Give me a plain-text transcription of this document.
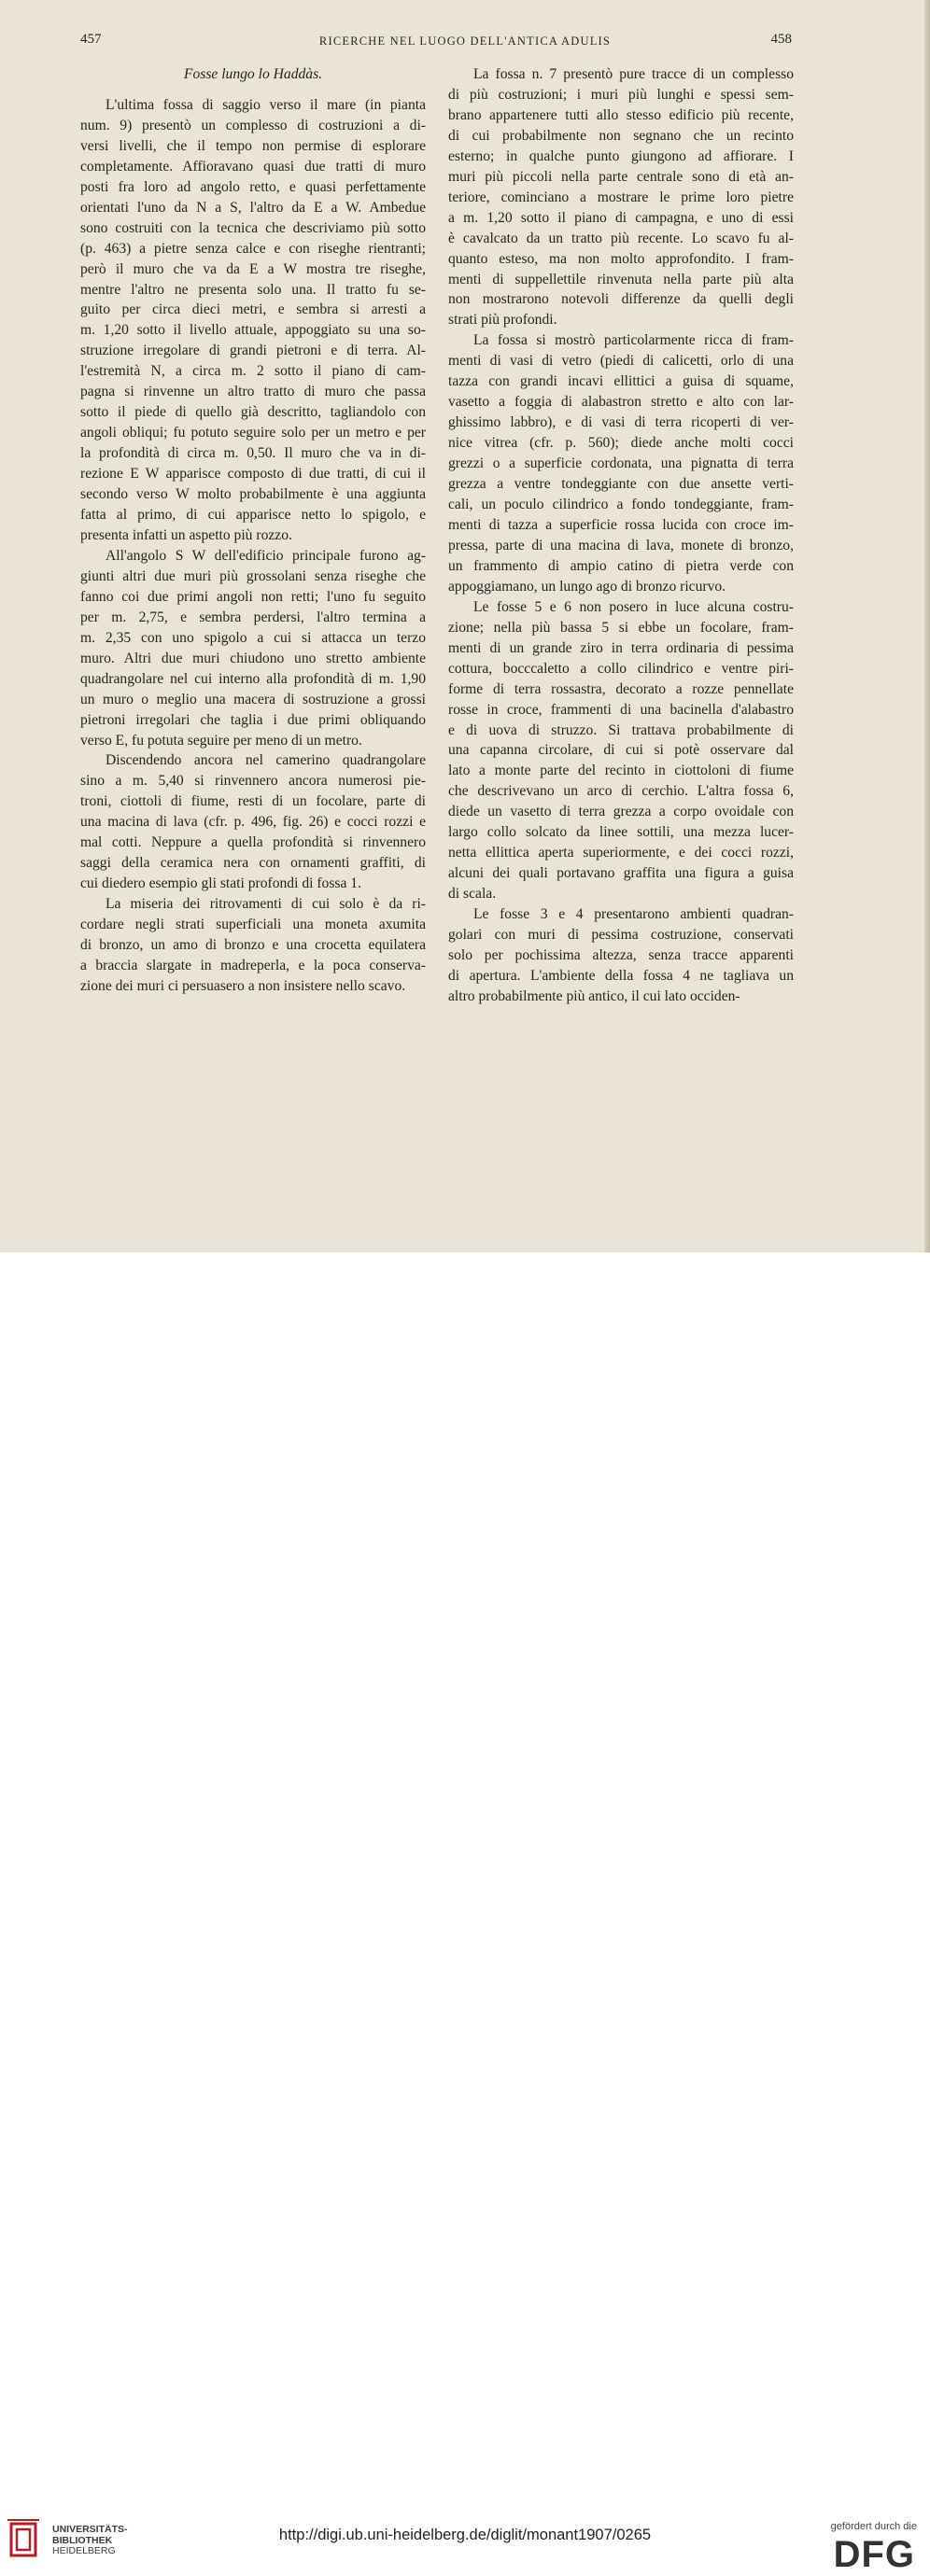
457	RICERCHE NEL LUOGO DELL'ANTICA ADULIS	458

Fosse lungo lo Haddàs.

L'ultima fossa di saggio verso il mare (in pianta

num. 9) presentò un complesso di costruzioni a di-

versi livelli, che il tempo non permise di esplorare

completamente. Affioravano quasi due tratti di muro

posti fra loro ad angolo retto, e quasi perfettamente

orientati l'uno da N a S, l'altro da E a W. Ambedue

sono costruiti con la tecnica che descriviamo più sotto

(p. 463) a pietre senza calce e con riseghe rientranti;

però il muro che va da E a W mostra tre riseghe,

mentre l'altro ne presenta solo una. Il tratto fu se-

guito per circa dieci metri, e sembra si arresti a

m. 1,20 sotto il livello attuale, appoggiato su una so-

struzione irregolare di grandi pietroni e di terra. Al-

l'estremità N, a circa m. 2 sotto il piano di cam-

pagna si rinvenne un altro tratto di muro che passa

sotto il piede di quello già descritto, tagliandolo con

angoli obliqui; fu potuto seguire solo per un metro e per

la profondità di circa m. 0,50. Il muro che va in di-

rezione E W apparisce composto di due tratti, di cui il

secondo verso W molto probabilmente è una aggiunta

fatta al primo, di cui apparisce netto lo spigolo, e

presenta infatti un aspetto più rozzo.

All'angolo S W dell'edificio principale furono ag-

giunti altri due muri più grossolani senza riseghe che

fanno coi due primi angoli non retti; l'uno fu seguito

per m. 2,75, e sembra perdersi, l'altro termina a

m. 2,35 con uno spigolo a cui si attacca un terzo

muro. Altri due muri chiudono uno stretto ambiente

quadrangolare nel cui interno alla profondità di m. 1,90

un muro o meglio una macera di sostruzione a grossi

pietroni irregolari che taglia i due primi obliquando

verso E, fu potuta seguire per meno di un metro.

Discendendo ancora nel camerino quadrangolare

sino a m. 5,40 si rinvennero ancora numerosi pie-

troni, ciottoli di fiume, resti di un focolare, parte di

una macina di lava (cfr. p. 496, fig. 26) e cocci rozzi e

mal cotti. Neppure a quella profondità si rinvennero

saggi della ceramica nera con ornamenti graffiti, di

cui diedero esempio gli stati profondi di fossa 1.

La miseria dei ritrovamenti di cui solo è da ri-

cordare negli strati superficiali una moneta axumita

di bronzo, un amo di bronzo e una crocetta equilatera

a braccia slargate in madreperla, e la poca conserva-

zione dei muri ci persuasero a non insistere nello scavo.

La fossa n. 7 presentò pure tracce di un complesso

di più costruzioni; i muri più lunghi e spessi sem-

brano appartenere tutti allo stesso edificio più recente,

di cui probabilmente non segnano che un recinto

esterno; in qualche punto giungono ad affiorare. I

muri più piccoli nella parte centrale sono di età an-

teriore, cominciano a mostrare le prime loro pietre

a m. 1,20 sotto il piano di campagna, e uno di essi

è cavalcato da un tratto più recente. Lo scavo fu al-

quanto esteso, ma non molto approfondito. I fram-

menti di suppellettile rinvenuta nella parte più alta

non mostrarono notevoli differenze da quelli degli

strati più profondi.

La fossa si mostrò particolarmente ricca di fram-

menti di vasi di vetro (piedi di calicetti, orlo di una

tazza con grandi incavi ellittici a guisa di squame,

vasetto a foggia di alabastron stretto e alto con lar-

ghissimo labbro), e di vasi di terra ricoperti di ver-

nice vitrea (cfr. p. 560); diede anche molti cocci

grezzi o a superficie cordonata, una pignatta di terra

grezza a ventre tondeggiante con due ansette verti-

cali, un poculo cilindrico a fondo tondeggiante, fram-

menti di tazza a superficie rossa lucida con croce im-

pressa, parte di una macina di lava, monete di bronzo,

un frammento di ampio catino di pietra verde con

appoggiamano, un lungo ago di bronzo ricurvo.

Le fosse 5 e 6 non posero in luce alcuna costru-

zione; nella più bassa 5 si ebbe un focolare, fram-

menti di un grande ziro in terra ordinaria di pessima

cottura, bocccaletto a collo cilindrico e ventre piri-

forme di terra rossastra, decorato a rozze pennellate

rosse in croce, frammenti di una bacinella d'alabastro

e di uova di struzzo. Si trattava probabilmente di

una capanna circolare, di cui si potè osservare dal

lato a monte parte del recinto in ciottoloni di fiume

che descrivevano un arco di cerchio. L'altra fossa 6,

diede un vasetto di terra grezza a corpo ovoidale con

largo collo solcato da linee sottili, una mezza lucer-

netta ellittica aperta superiormente, e dei cocci rozzi,

alcuni dei quali portavano graffita una figura a guisa

di scala.

Le fosse 3 e 4 presentarono ambienti quadran-

golari con muri di pessima costruzione, conservati

solo per pochissima altezza, senza tracce apparenti

di apertura. L'ambiente della fossa 4 ne tagliava un

altro probabilmente più antico, il cui lato occiden-

UNIVERSITÄTS-
BIBLIOTHEK
HEIDELBERG
http://digi.ub.uni-heidelberg.de/diglit/monant1907/0265	gefördert durch die
DFG
